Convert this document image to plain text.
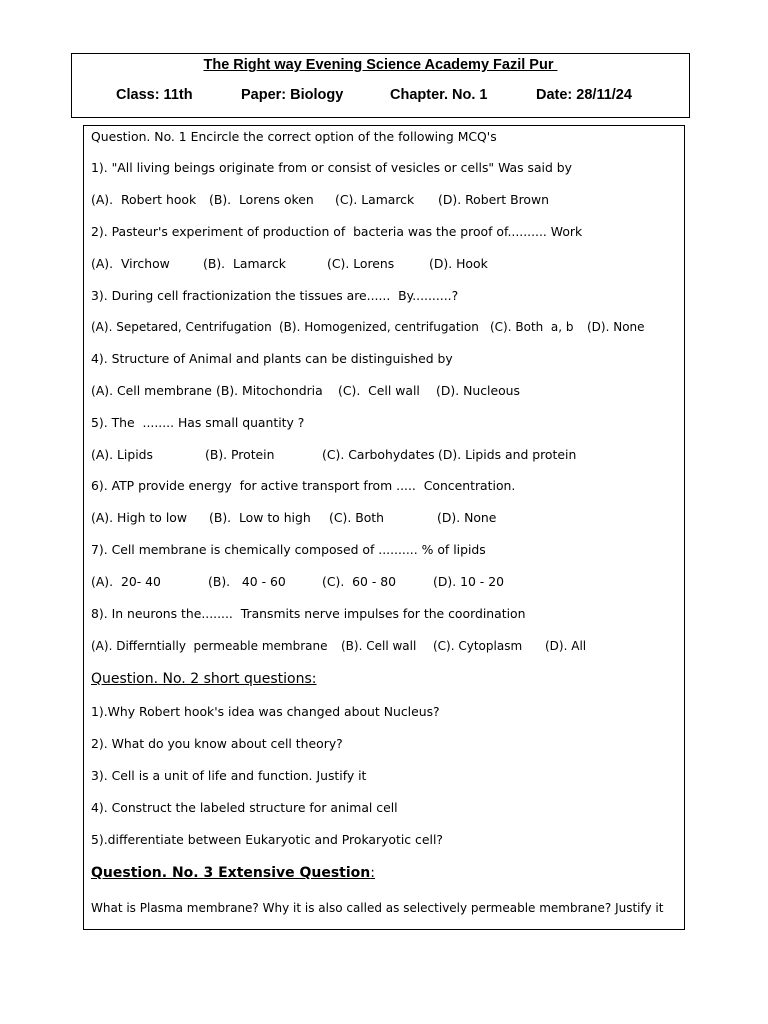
The Right way Evening Science Academy Fazil Pur
Class: 11th	Paper: Biology	Chapter. No. 1	Date: 28/11/24
Question. No. 1 Encircle the correct option of the following MCQ's
1). "All living beings originate from or consist of vesicles or cells" Was said by
(A).  Robert hook (B).  Lorens oken (C). Lamarck (D). Robert Brown
2). Pasteur's experiment of production of  bacteria was the proof of.......... Work
(A).  Virchow	(B).  Lamarck	(C). Lorens	(D). Hook
3). During cell fractionization the tissues are......  By..........?
(A). Sepetared, Centrifugation (B). Homogenized, centrifugation (C). Both  a, b (D). None
4). Structure of Animal and plants can be distinguished by
(A). Cell membrane (B). Mitochondria (C).  Cell wall (D). Nucleous
5). The  ........ Has small quantity ?
(A). Lipids	(B). Protein	(C). Carbohydates (D). Lipids and protein
6). ATP provide energy  for active transport from .....  Concentration.
(A). High to low (B).  Low to high (C). Both	(D). None
7). Cell membrane is chemically composed of .......... % of lipids
(A).  20- 40	(B).   40 - 60	(C).  60 - 80	(D). 10 - 20
8). In neurons the........  Transmits nerve impulses for the coordination
(A). Differntially  permeable membrane (B). Cell wall (C). Cytoplasm (D). All
Question. No. 2 short questions:
1).Why Robert hook's idea was changed about Nucleus?
2). What do you know about cell theory?
3). Cell is a unit of life and function. Justify it
4). Construct the labeled structure for animal cell
5).differentiate between Eukaryotic and Prokaryotic cell?
Question. No. 3 Extensive Question:
What is Plasma membrane? Why it is also called as selectively permeable membrane? Justify it
